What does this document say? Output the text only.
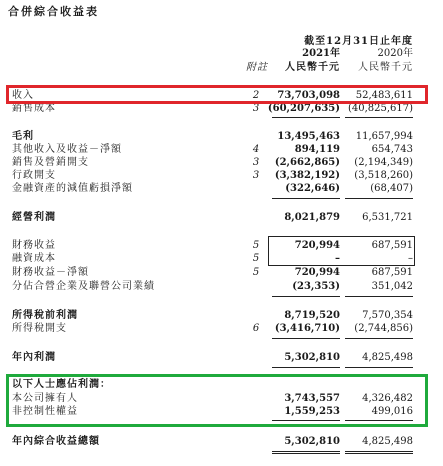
合併綜合收益表
截至12月31日止年度
2021年	2020年
附註	人民幣千元 人民幣千元
收入	2 73,703,098 52,483,611
銷售成本	3 (60,207,635) (40,825,617)
毛利	13,495,463 11,657,994
其他收入及收益－淨額	4	894,119	654,743
銷售及營銷開支	3 (2,662,865) (2,194,349)
行政開支	3 (3,382,192) (3,518,260)
金融資產的減值虧損淨額	(322,646)	(68,407)
經營利潤	8,021,879 6,531,721
財務收益	5	720,994	687,591
融資成本	5	–	–
財務收益－淨額	5	720,994	687,591
分佔合營企業及聯營公司業績	(23,353)	351,042
所得稅前利潤	8,719,520 7,570,354
所得稅開支	6 (3,416,710) (2,744,856)
年內利潤	5,302,810 4,825,498
以下人士應佔利潤：
本公司擁有人	3,743,557 4,326,482
非控制性權益	1,559,253	499,016
年內綜合收益總額	5,302,810 4,825,498
